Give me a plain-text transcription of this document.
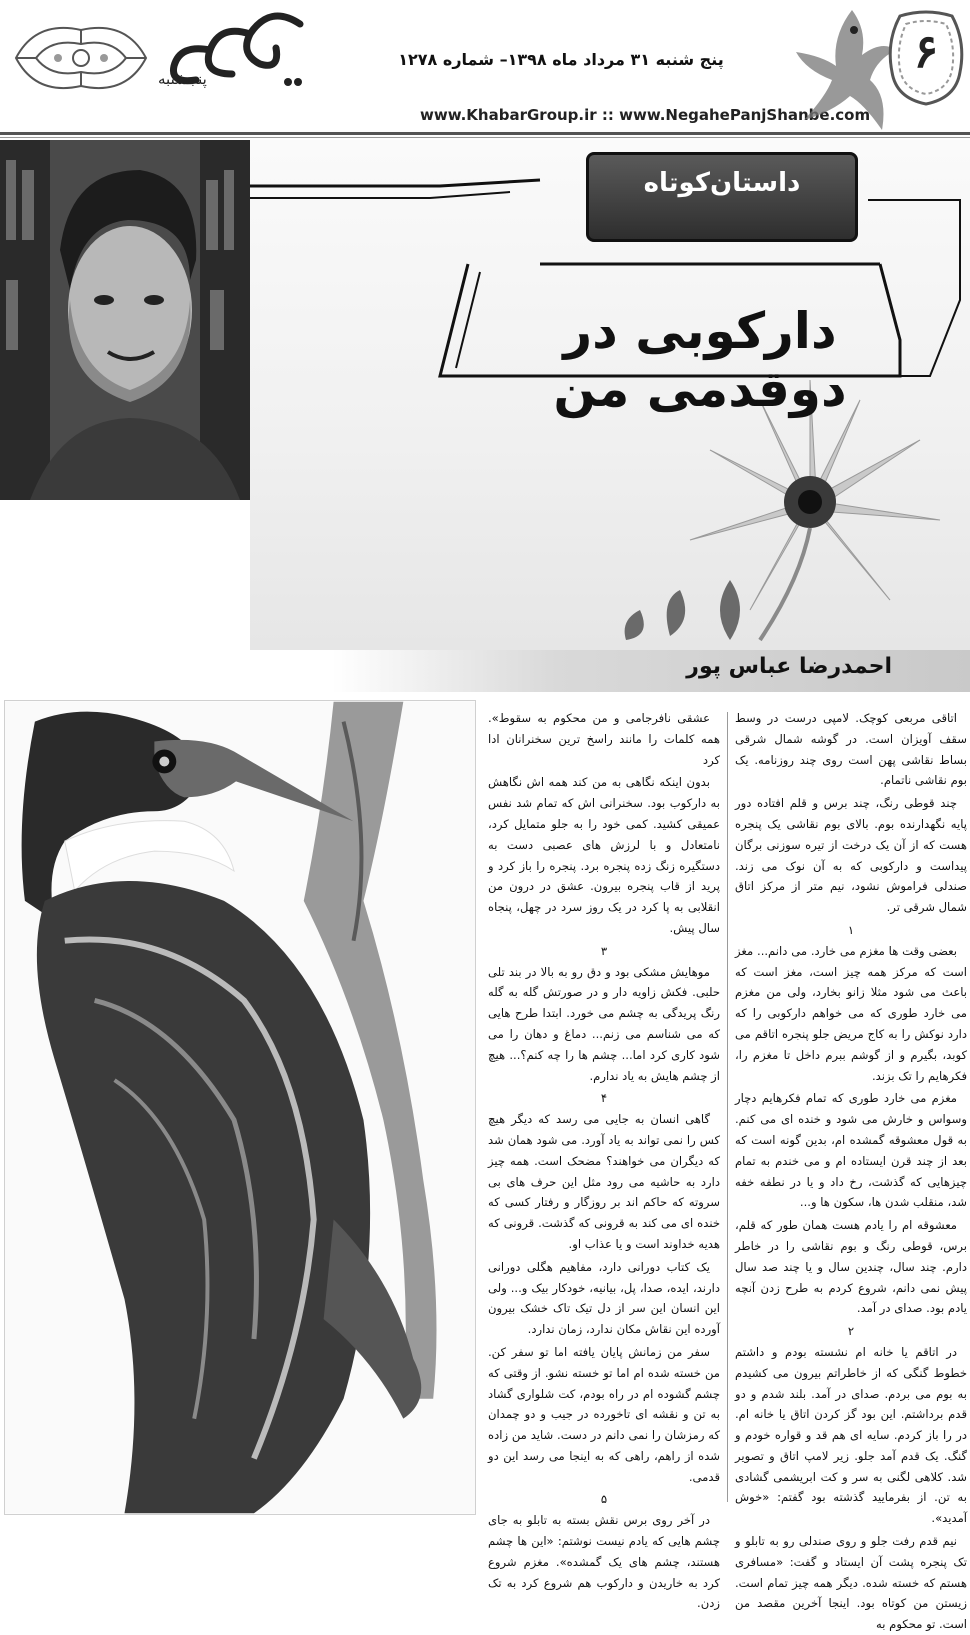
پنجشنبه
پنج شنبه ۳۱ مرداد ماه ۱۳۹۸– شماره ۱۲۷۸
www.KhabarGroup.ir :: www.NegahePanjShanbe.com
۶
داستان‌کوتاه
دارکوبی در دوقدمی من
احمدرضا عباس پور

اتاقی مربعی کوچک. لامپی درست در وسط سقف آویزان است. در گوشه شمال شرقی بساط نقاشی پهن است روی چند روزنامه. یک بوم نقاشی ناتمام.

چند قوطی رنگ، چند برس و قلم افتاده دور پایه نگهدارنده بوم. بالای بوم نقاشی یک پنجره هست که از آن یک درخت از تیره سوزنی برگان پیداست و دارکوبی که به آن نوک می زند. صندلی فراموش نشود، نیم متر از مرکز اتاق شمال شرقی تر.

۱

بعضی وقت ها مغزم می خارد. می دانم... مغز است که مرکز همه چیز است، مغز است که باعث می شود مثلا زانو بخارد، ولی من مغزم می خارد طوری که می خواهم دارکوبی را که دارد نوکش را به کاج مریض جلو پنجره اتاقم می کوبد، بگیرم و از گوشم ببرم داخل تا مغزم را، فکرهایم را تک بزند.

مغزم می خارد طوری که تمام فکرهایم دچار وسواس و خارش می شود و خنده ای می کنم. به قول معشوقه گمشده ام، بدین گونه است که بعد از چند قرن ایستاده ام و می خندم به تمام چیزهایی که گذشت، رخ داد و یا در نطفه خفه شد، منقلب شدن ها، سکون ها و...

معشوقه ام را یادم هست همان طور که قلم، برس، قوطی رنگ و بوم نقاشی را در خاطر دارم. چند سال، چندین سال و یا چند صد سال پیش نمی دانم، شروع کردم به طرح زدن آنچه یادم بود. صدای در آمد.

۲

در اتاقم یا خانه ام نشسته بودم و داشتم خطوط گنگی که از خاطراتم بیرون می کشیدم به بوم می بردم. صدای در آمد. بلند شدم و دو قدم برداشتم. این بود گز کردن اتاق یا خانه ام. در را باز کردم. سایه ای هم قد و قواره خودم و گنگ. یک قدم آمد جلو. زیر لامپ اتاق و تصویر شد. کلاهی لگنی به سر و کت ابریشمی گشادی به تن. از بفرمایید گذشته بود گفتم: «خوش آمدید».

نیم قدم رفت جلو و روی صندلی رو به تابلو و تک پنجره پشت آن ایستاد و گفت: «مسافری هستم که خسته شده. دیگر همه چیز تمام است. زیستن من کوتاه بود. اینجا آخرین مقصد من است. تو محکوم به

عشقی نافرجامی و من محکوم به سقوط». همه کلمات را مانند راسخ ترین سخنرانان ادا کرد

بدون اینکه نگاهی به من کند همه اش نگاهش به دارکوب بود. سخنرانی اش که تمام شد نفس عمیقی کشید. کمی خود را به جلو متمایل کرد، نامتعادل و با لرزش های عصبی دست به دستگیره زنگ زده پنجره برد. پنجره را باز کرد و پرید از قاب پنجره بیرون. عشق در درون من انقلابی به پا کرد در یک روز سرد در چهل، پنجاه سال پیش.

۳

موهایش مشکی بود و دق رو به بالا در بند تلی حلبی. فکش زاویه دار و در صورتش گله به گله رنگ پریدگی به چشم می خورد. ابتدا طرح هایی که می شناسم می زنم... دماغ و دهان را می شود کاری کرد اما... چشم ها را چه کنم؟... هیچ از چشم هایش به یاد ندارم.

۴

گاهی انسان به جایی می رسد که دیگر هیچ کس را نمی تواند به یاد آورد. می شود همان شد که دیگران می خواهند؟ مضحک است. همه چیز دارد به حاشیه می رود مثل این حرف های بی سروته که حاکم اند بر روزگار و رفتار کسی که خنده ای می کند به قرونی که گذشت. قرونی که هدیه خداوند است و یا عذاب او.

یک کتاب دورانی دارد، مفاهیم هگلی دورانی دارند، ایده، صدا، پل، بیانیه، خودکار بیک و... ولی این انسان این سر از دل تیک تاک خشک بیرون آورده این نقاش مکان ندارد، زمان ندارد.

سفر من زمانش پایان یافته اما تو سفر کن. من خسته شده ام اما تو خسته نشو. از وقتی که چشم گشوده ام در راه بودم، کت شلواری گشاد به تن و نقشه ای تاخورده در جیب و دو چمدان که رمزشان را نمی دانم در دست. شاید من زاده شده از راهم، راهی که به اینجا می رسد این دو قدمی.

۵

در آخر روی برس نقش بسته به تابلو به جای چشم هایی که یادم نیست نوشتم: «این ها چشم هستند، چشم های یک گمشده». مغزم شروع کرد به خاریدن و دارکوب هم شروع کرد به تک زدن.
